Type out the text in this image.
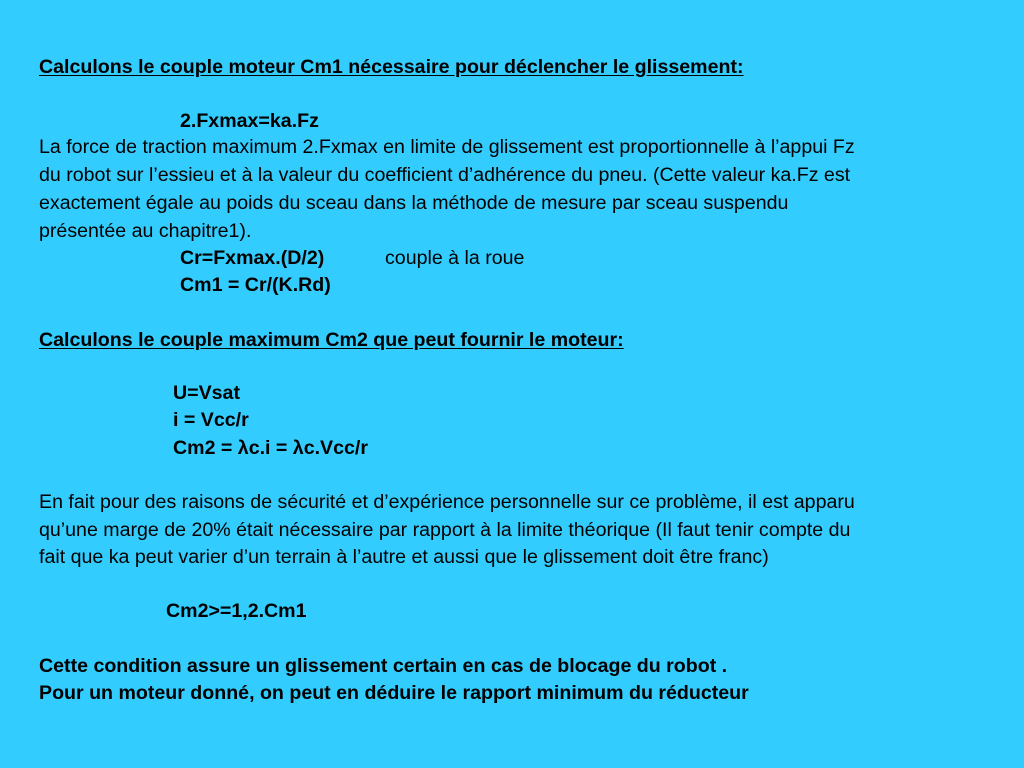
Calculons le couple moteur Cm1 nécessaire pour déclencher le glissement:
2.Fxmax=ka.Fz
La force de traction maximum 2.Fxmax en limite de glissement est proportionnelle à l’appui Fz
du robot sur l’essieu et à la valeur du coefficient d’adhérence du pneu. (Cette valeur ka.Fz est
exactement égale au poids du sceau dans la méthode de mesure par sceau suspendu
présentée au chapitre1).
Cr=Fxmax.(D/2)	couple à la roue
Cm1 = Cr/(K.Rd)
Calculons le couple maximum Cm2 que peut fournir le moteur:
U=Vsat
i = Vcc/r
Cm2 = λc.i = λc.Vcc/r
En fait pour des raisons de sécurité et d’expérience personnelle sur ce problème, il est apparu
qu’une marge de 20% était nécessaire par rapport à la limite théorique (Il faut tenir compte du
fait que ka peut varier d’un terrain à l’autre et aussi que le glissement doit être franc)
Cm2>=1,2.Cm1
Cette condition assure un glissement certain en cas de blocage du robot .
Pour un moteur donné, on peut en déduire le rapport minimum du réducteur
